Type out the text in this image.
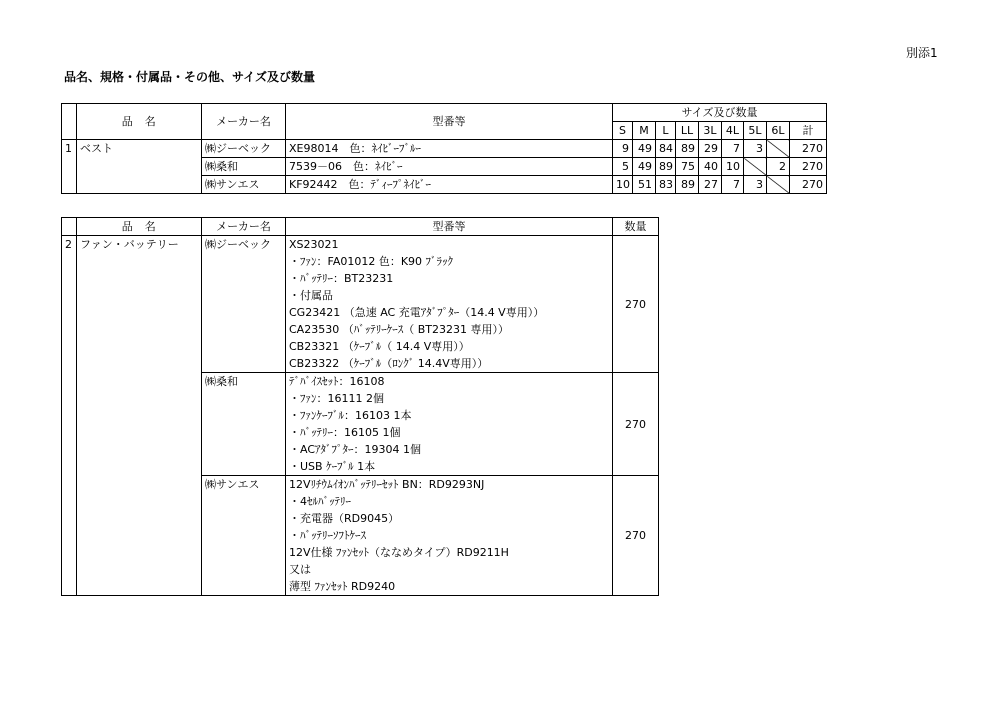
別添1
品名、規格・付属品・その他、サイズ及び数量
	品　名	メーカー名	型番等	サイズ及び数量								
				S	M	L	LL	3L	4L	5L	6L	計
1	ベスト	㈱ジーベック	XE98014　色：ﾈｲﾋﾞｰﾌﾞﾙｰ	9	49	84	89	29	7	3		270
		㈱桑和	7539－06　色：ﾈｲﾋﾞｰ	5	49	89	75	40	10		2	270
		㈱サンエス	KF92442　色：ﾃﾞｨｰﾌﾟﾈｲﾋﾞｰ	10	51	83	89	27	7	3		270
	品　名	メーカー名	型番等	数量
2	ファン・バッテリー	㈱ジーベック	XS23021	270
			・ﾌｧﾝ：FA01012 色：K90 ﾌﾞﾗｯｸ	
			・ﾊﾞｯﾃﾘｰ：BT23231	
			・付属品	
			CG23421 （急速 AC 充電ｱﾀﾞﾌﾟﾀｰ（14.4 V専用））	
			CA23530 （ﾊﾞｯﾃﾘｰｹｰｽ（ BT23231 専用））	
			CB23321 （ｹｰﾌﾞﾙ（ 14.4 V専用））	
			CB23322 （ｹｰﾌﾞﾙ（ﾛﾝｸﾞ 14.4V専用））	
		㈱桑和	ﾃﾞﾊﾞｲｽｾｯﾄ：16108	270
			・ﾌｧﾝ：16111 2個	
			・ﾌｧﾝｹｰﾌﾞﾙ：16103 1本	
			・ﾊﾞｯﾃﾘｰ：16105 1個	
			・ACｱﾀﾞﾌﾟﾀｰ：19304 1個	
			・USB ｹｰﾌﾞﾙ 1本	
		㈱サンエス	12Vﾘﾁｳﾑｲｵﾝﾊﾞｯﾃﾘｰｾｯﾄ BN：RD9293NJ	270
			・4ｾﾙﾊﾞｯﾃﾘｰ	
			・充電器（RD9045）	
			・ﾊﾞｯﾃﾘｰｿﾌﾄｹｰｽ	
			12V仕様 ﾌｧﾝｾｯﾄ（ななめタイプ）RD9211H	
			又は	
			薄型 ﾌｧﾝｾｯﾄ RD9240	
